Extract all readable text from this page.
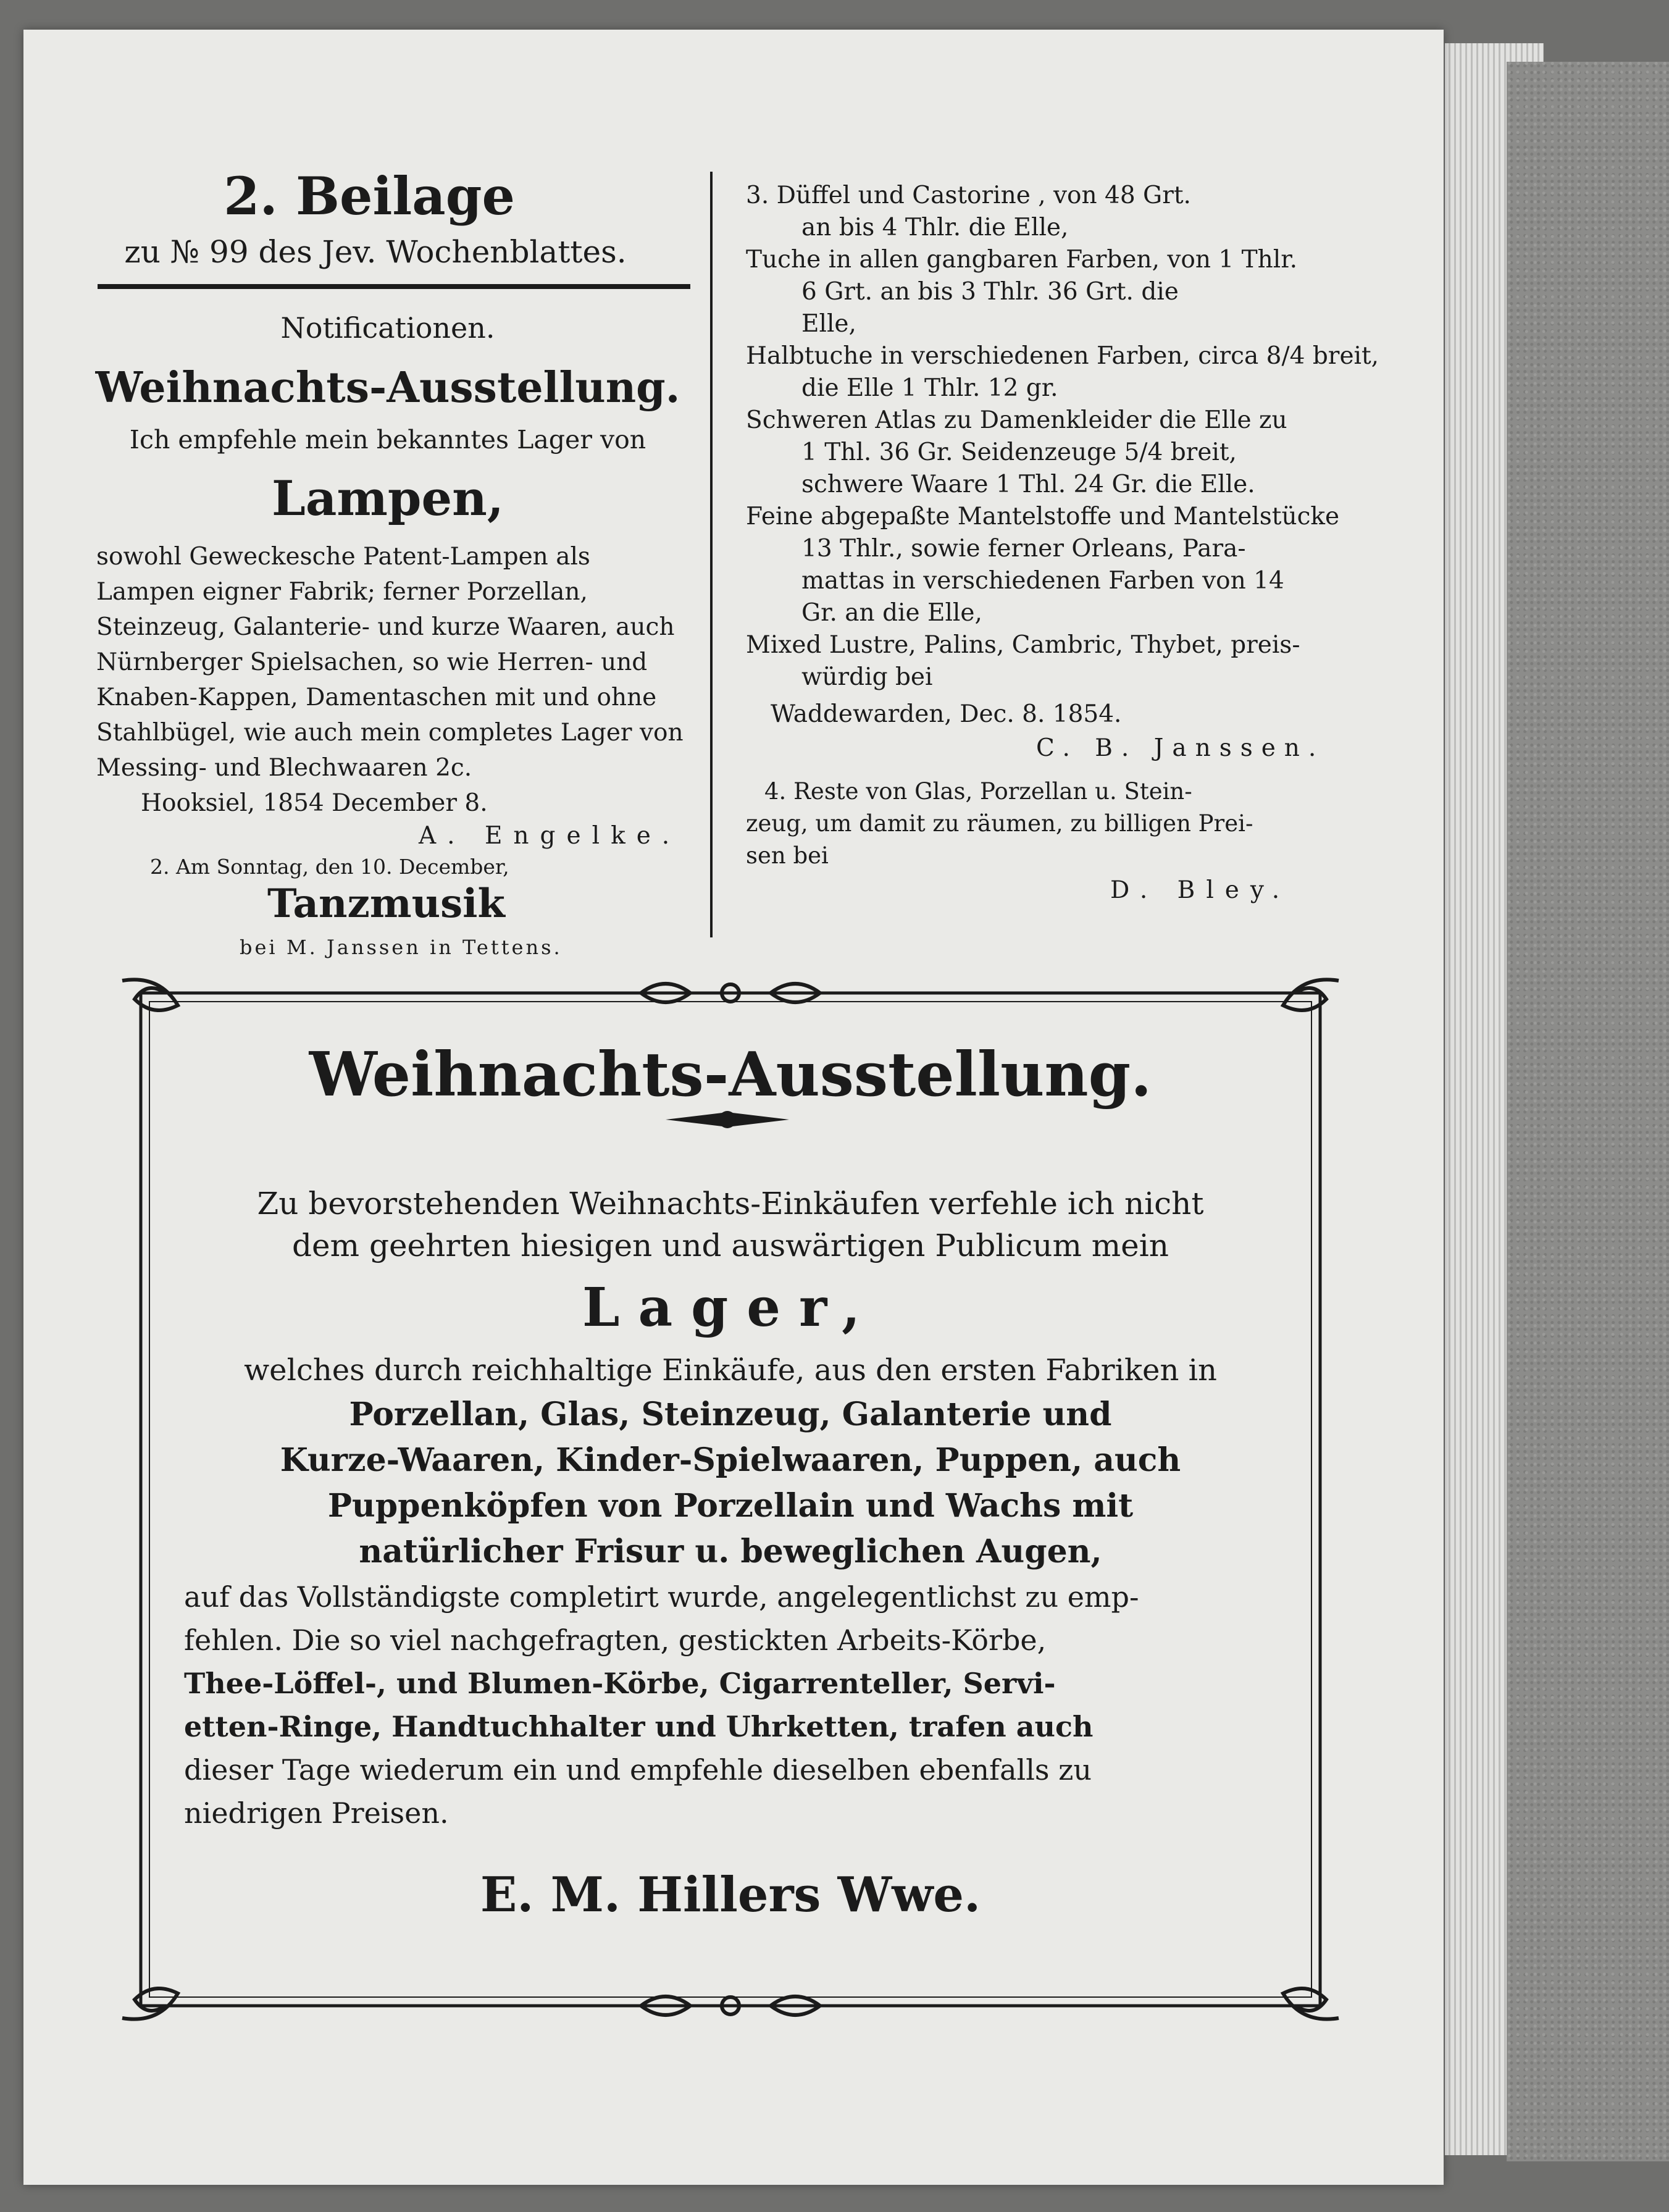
2. Beilage
zu № 99 des Jev. Wochenblattes.
Notificationen.
Weihnachts-Ausstellung.
Ich empfehle mein bekanntes Lager von
Lampen,
sowohl Geweckesche Patent-Lampen als
Lampen eigner Fabrik; ferner Porzellan,
Steinzeug, Galanterie- und kurze Waaren, auch
Nürnberger Spielsachen, so wie Herren- und
Knaben-Kappen, Damentaschen mit und ohne
Stahlbügel, wie auch mein completes Lager von
Messing- und Blechwaaren 2c.
Hooksiel, 1854 December 8.
A. Engelke.
2. Am Sonntag, den 10. December,
Tanzmusik
bei M. Janssen in Tettens.
3. Düffel und Castorine , von 48 Grt.
an bis 4 Thlr. die Elle,
Tuche in allen gangbaren Farben, von 1 Thlr.
6 Grt. an bis 3 Thlr. 36 Grt. die
Elle,
Halbtuche in verschiedenen Farben, circa 8/4 breit,
die Elle 1 Thlr. 12 gr.
Schweren Atlas zu Damenkleider die Elle zu
1 Thl. 36 Gr. Seidenzeuge 5/4 breit,
schwere Waare 1 Thl. 24 Gr. die Elle.
Feine abgepaßte Mantelstoffe und Mantelstücke
13 Thlr., sowie ferner Orleans, Para-
mattas in verschiedenen Farben von 14
Gr. an die Elle,
Mixed Lustre, Palins, Cambric, Thybet, preis-
würdig bei
Waddewarden, Dec. 8. 1854.
C. B. Janssen.
4. Reste von Glas, Porzellan u. Stein-
zeug, um damit zu räumen, zu billigen Prei-
sen bei
D. Bley.
Weihnachts-Ausstellung.
Zu bevorstehenden Weihnachts-Einkäufen verfehle ich nicht
dem geehrten hiesigen und auswärtigen Publicum mein
Lager,
welches durch reichhaltige Einkäufe, aus den ersten Fabriken in
Porzellan, Glas, Steinzeug, Galanterie und
Kurze-Waaren, Kinder-Spielwaaren, Puppen, auch
Puppenköpfen von Porzellain und Wachs mit
natürlicher Frisur u. beweglichen Augen,
auf das Vollständigste completirt wurde, angelegentlichst zu emp-
fehlen. Die so viel nachgefragten, gestickten Arbeits-Körbe,
Thee-Löffel-, und Blumen-Körbe, Cigarrenteller, Servi-
etten-Ringe, Handtuchhalter und Uhrketten, trafen auch
dieser Tage wiederum ein und empfehle dieselben ebenfalls zu
niedrigen Preisen.
E. M. Hillers Wwe.
